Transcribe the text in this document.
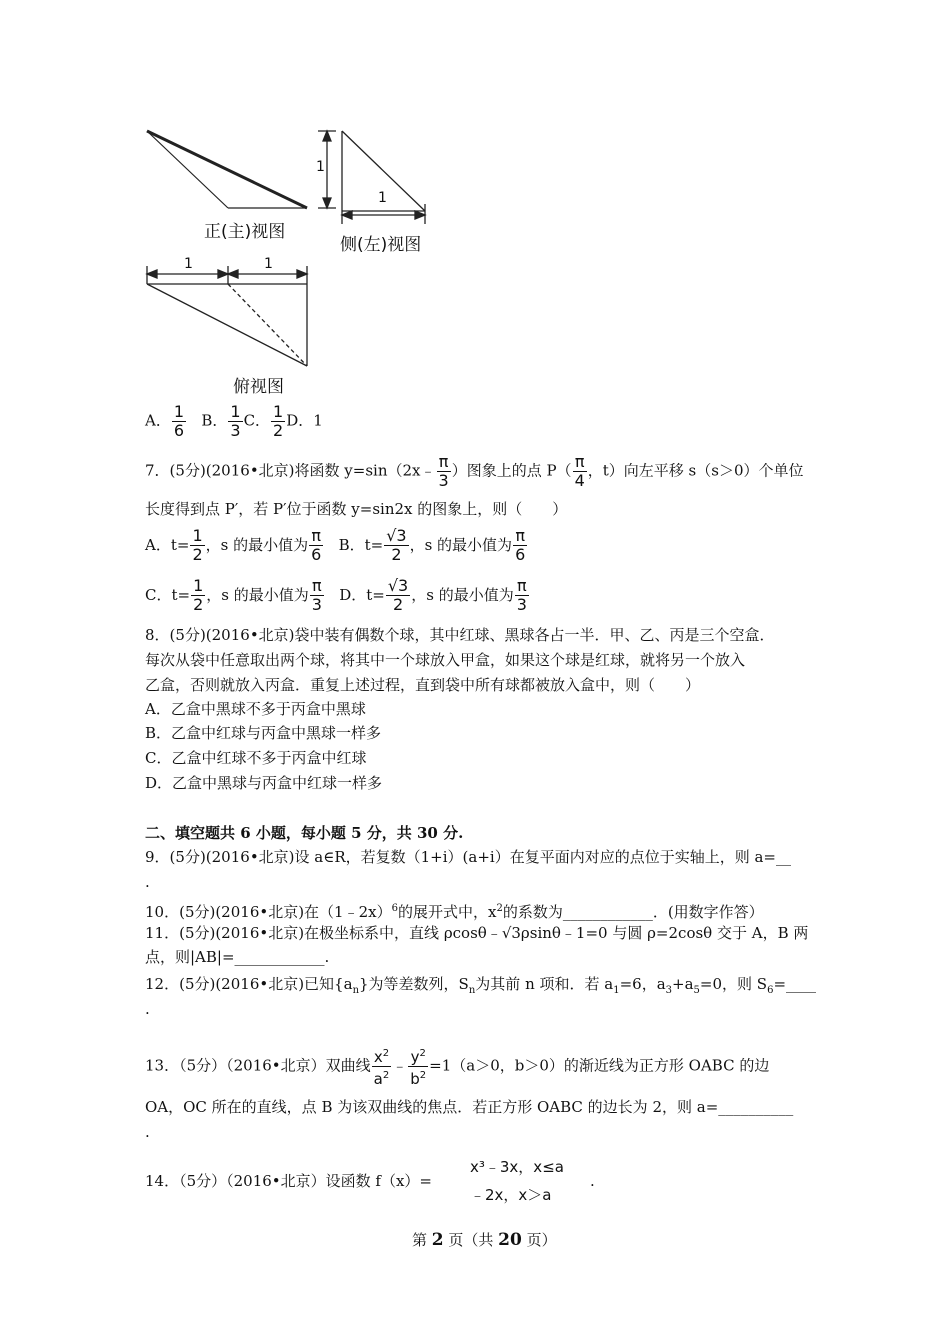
正(主)视图
侧(左)视图
俯视图
1
1
1	1
A． $\frac{1}{6}$ B． $\frac{1}{3}$ C． $\frac{1}{2}$ D．1
7．(5分)(2016•北京)将函数 y=sin（2x﹣ $\frac{\pi}{3}$ ）图象上的点 $P( \frac{\pi}{4}$ ，t）向左平移 s（s＞0）个单位
长度得到点 P′，若 P′位于函数 y=sin2x 的图象上，则（　　）
A．$t= \frac{1}{2}$ ，s 的最小值为 $\frac{\pi}{6}$ B．$t= \frac{√3}{2}$ ，s 的最小值为 $\frac{\pi}{6}$
C．$t= \frac{1}{2}$ ，s 的最小值为 $\frac{\pi}{3}$ D．$t= \frac{√3}{2}$ ，s 的最小值为 $\frac{\pi}{3}$
8．(5分)(2016•北京)袋中装有偶数个球，其中红球、黑球各占一半．甲、乙、丙是三个空盒．
每次从袋中任意取出两个球，将其中一个球放入甲盒，如果这个球是红球，就将另一个放入
乙盒，否则就放入丙盒．重复上述过程，直到袋中所有球都被放入盒中，则（　　）
A．乙盒中黑球不多于丙盒中黑球
B．乙盒中红球与丙盒中黑球一样多
C．乙盒中红球不多于丙盒中红球
D．乙盒中黑球与丙盒中红球一样多
二、填空题共 6 小题，每小题 5 分，共 30 分.
9．(5分)(2016•北京)设 a∈R，若复数（1+i）(a+i）在复平面内对应的点位于实轴上，则 a=__
.
10．(5分)(2016•北京)在（1﹣2x）$^6$的展开式中，$x^2$的系数为____________．(用数字作答）
11．(5分)(2016•北京)在极坐标系中，直线 ρcosθ﹣√3ρsinθ﹣1=0 与圆 ρ=2cosθ 交于 A，B 两
点，则|AB|=____________.
12．(5分)(2016•北京)已知$\{a_n\}$为等差数列，$S_n$为其前 n 项和．若 $a_1=6$，$a_3+a_5=0$，则 $S_6=\_\_\_\_$
.
13．（5分）（2016•北京）双曲线 $\frac{x^2}{a^2}$ ﹣ $\frac{y^2}{b^2} =1(a>0$，b＞0）的渐近线为正方形 OABC 的边
OA，OC 所在的直线，点 B 为该双曲线的焦点．若正方形 OABC 的边长为 2，则 a=__________
.
14．（5分）（2016•北京）设函数 f（x）=
x³﹣3x，x≤a
﹣2x，x＞a
.
第 2 页（共 20 页）
